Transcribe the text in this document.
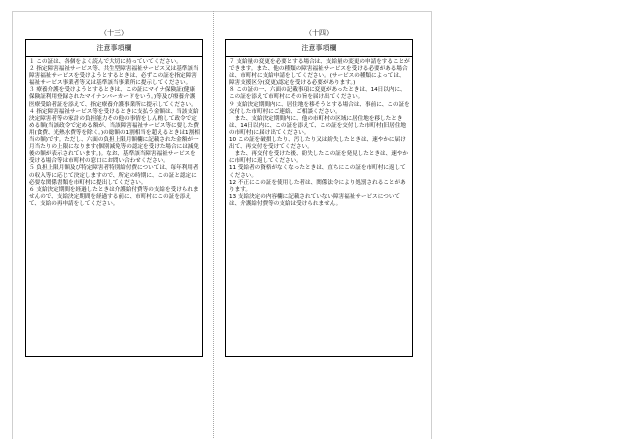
（十三）
注意事項欄

１ この証は、各個をよく読んで大切に持っていてください。

２ 指定障害福祉サービス等、共生型障害福祉サービス又は基準該当障害福祉サービスを受けようとするときは、必ずこの証を指定障害福祉サービス事業者等又は基準該当事業所に提示してください。

３ 療養介護を受けようとするときは、この証にマイナ保険証(健康保険証利用登録されたマイナンバーカードをいう。)等及び療養介護医療受給者証を添えて、指定療養介護事業所に提示してください。

４ 指定障害福祉サービス等を受けるときに支払う金額は、当該支給決定障害者等の家計の負担能力その他の事情をしん酌して政令で定める額(当該政令で定める額が、当該障害福祉サービス等に要した費用(食費、光熱水費等を除く。)の総額の1割相当を超えるときは1割相当の額)です。ただし、六面の負担上限月額欄に記載された金額が一月当たりの上限になります(個別減免等の認定を受けた場合には減免後の額が表示されています。)。なお、基準該当障害福祉サービスを受ける場合等は市町村の窓口にお問い合わせください。

５ 負担上限月額及び特定障害者特別給付費については、毎年利用者の収入等に応じて決定しますので、所定の時期に、この証と認定に必要な関係書類を市町村に提出してください。

６ 支給決定期間を経過したときは介護給付費等の支給を受けられませんので、支給決定期間を経過する前に、市町村にこの証を添えて、支給の再申請をしてください。

（十四）
注意事項欄

７ 支給量の変更を必要とする場合は、支給量の変更の申請をすることができます。また、他の種類の障害福祉サービスを受ける必要がある場合は、市町村に支給申請をしてください。(サービスの種類によっては、障害支援区分(変更)認定を受ける必要があります。)

８ この証の一、六面の記載事項に変更があったときは、14日以内に、この証を添えて市町村にその旨を届け出てください。

９ 支給決定期間内に、居住地を移そうとする場合は、事前に、この証を交付した市町村にご連絡、ご相談ください。

　また、支給決定期間内に、他の市町村の区域に居住地を移したときは、14日以内に、この証を添えて、この証を交付した市町村(旧居住地の市町村)に届け出てください。

10 この証を破損したり、汚したり又は紛失したときは、速やかに届け出て、再交付を受けてください。

　また、再交付を受けた後、紛失したこの証を発見したときは、速やかに市町村に返してください。

11 受給者の資格がなくなったときは、直ちにこの証を市町村に返してください。

12 不正にこの証を使用した者は、関係法令により処罰されることがあります。

13 支給決定の内容欄に記載されていない障害福祉サービスについては、介護給付費等の支給は受けられません。
